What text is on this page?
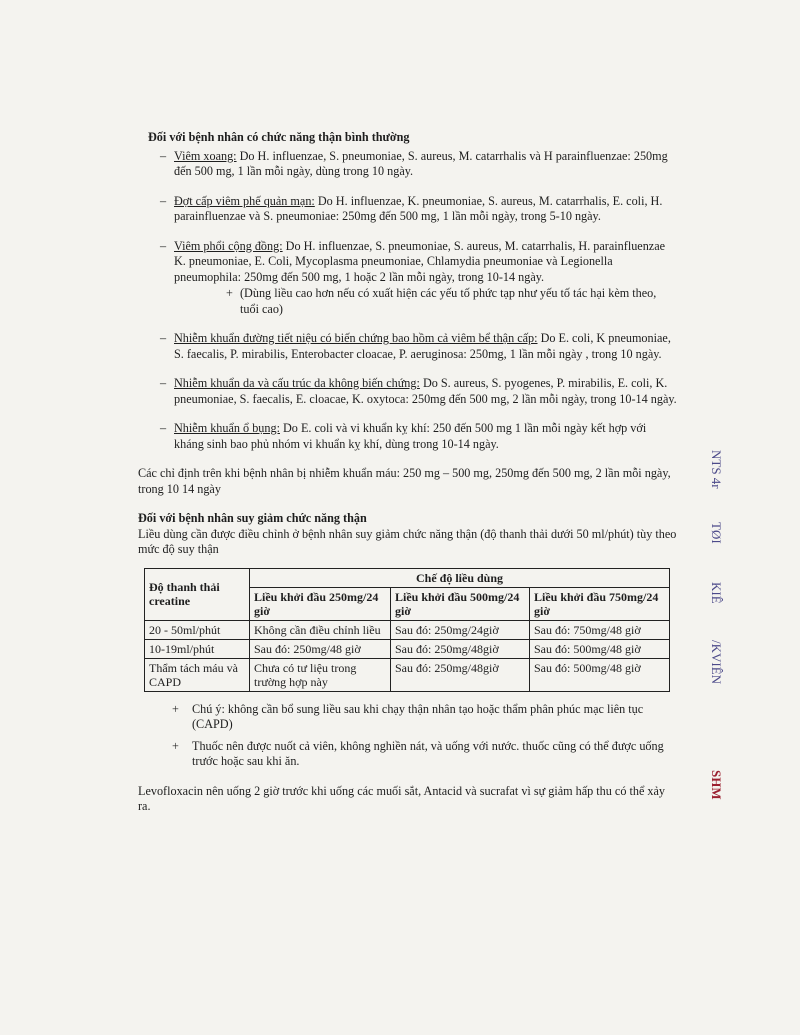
Đối với bệnh nhân có chức năng thận bình thường
– Viêm xoang: Do H. influenzae, S. pneumoniae, S. aureus, M. catarrhalis và H parainfluenzae: 250mg đến 500 mg, 1 lần mỗi ngày, dùng trong 10 ngày.
– Đợt cấp viêm phế quản mạn: Do H. influenzae, K. pneumoniae, S. aureus, M. catarrhalis, E. coli, H. parainfluenzae và S. pneumoniae: 250mg đến 500 mg, 1 lần mỗi ngày, trong 5-10 ngày.
– Viêm phổi cộng đồng: Do H. influenzae, S. pneumoniae, S. aureus, M. catarrhalis, H. parainfluenzae K. pneumoniae, E. Coli, Mycoplasma pneumoniae, Chlamydia pneumoniae và Legionella pneumophila: 250mg đến 500 mg, 1 hoặc 2 lần mỗi ngày, trong 10-14 ngày.
+ (Dùng liều cao hơn nếu có xuất hiện các yếu tố phức tạp như yếu tố tác hại kèm theo, tuổi cao)
– Nhiễm khuẩn đường tiết niệu có biến chứng bao hồm cả viêm bể thận cấp: Do E. coli, K pneumoniae, S. faecalis, P. mirabilis, Enterobacter cloacae, P. aeruginosa: 250mg, 1 lần mỗi ngày , trong 10 ngày.
– Nhiễm khuẩn da và cấu trúc da không biến chứng: Do S. aureus, S. pyogenes, P. mirabilis, E. coli, K. pneumoniae, S. faecalis, E. cloacae, K. oxytoca: 250mg đến 500 mg, 2 lần mỗi ngày, trong 10-14 ngày.
– Nhiễm khuẩn ổ bụng: Do E. coli và vi khuẩn kỵ khí: 250 đến 500 mg 1 lần mỗi ngày kết hợp với kháng sinh bao phủ nhóm vi khuẩn kỵ khí, dùng trong 10-14 ngày.
Các chỉ định trên khi bệnh nhân bị nhiễm khuẩn máu: 250 mg – 500 mg, 250mg đến 500 mg, 2 lần mỗi ngày, trong 10 14 ngày
Đối với bệnh nhân suy giảm chức năng thận
Liều dùng cần được điều chỉnh ở bệnh nhân suy giảm chức năng thận (độ thanh thải dưới 50 ml/phút) tùy theo mức độ suy thận
Độ thanh thải creatine	Chế độ liều dùng		
	Liều khởi đầu 250mg/24 giờ	Liều khởi đầu 500mg/24 giờ	Liều khởi đầu 750mg/24 giờ
20 - 50ml/phút	Không cần điều chỉnh liều	Sau đó: 250mg/24giờ	Sau đó: 750mg/48 giờ
10-19ml/phút	Sau đó: 250mg/48 giờ	Sau đó: 250mg/48giờ	Sau đó: 500mg/48 giờ
Thẩm tách máu và CAPD	Chưa có tư liệu trong trường hợp này	Sau đó: 250mg/48giờ	Sau đó: 500mg/48 giờ
+ Chú ý: không cần bổ sung liều sau khi chạy thận nhân tạo hoặc thẩm phân phúc mạc liên tục (CAPD)
+ Thuốc nên được nuốt cả viên, không nghiền nát, và uống với nước. thuốc cũng có thể được uống trước hoặc sau khi ăn.
Levofloxacin nên uống 2 giờ trước khi uống các muối sắt, Antacid và sucrafat vì sự giảm hấp thu có thể xảy ra.
NTS 4r
TØI
KIÊ
/KVIÊN
SHM
